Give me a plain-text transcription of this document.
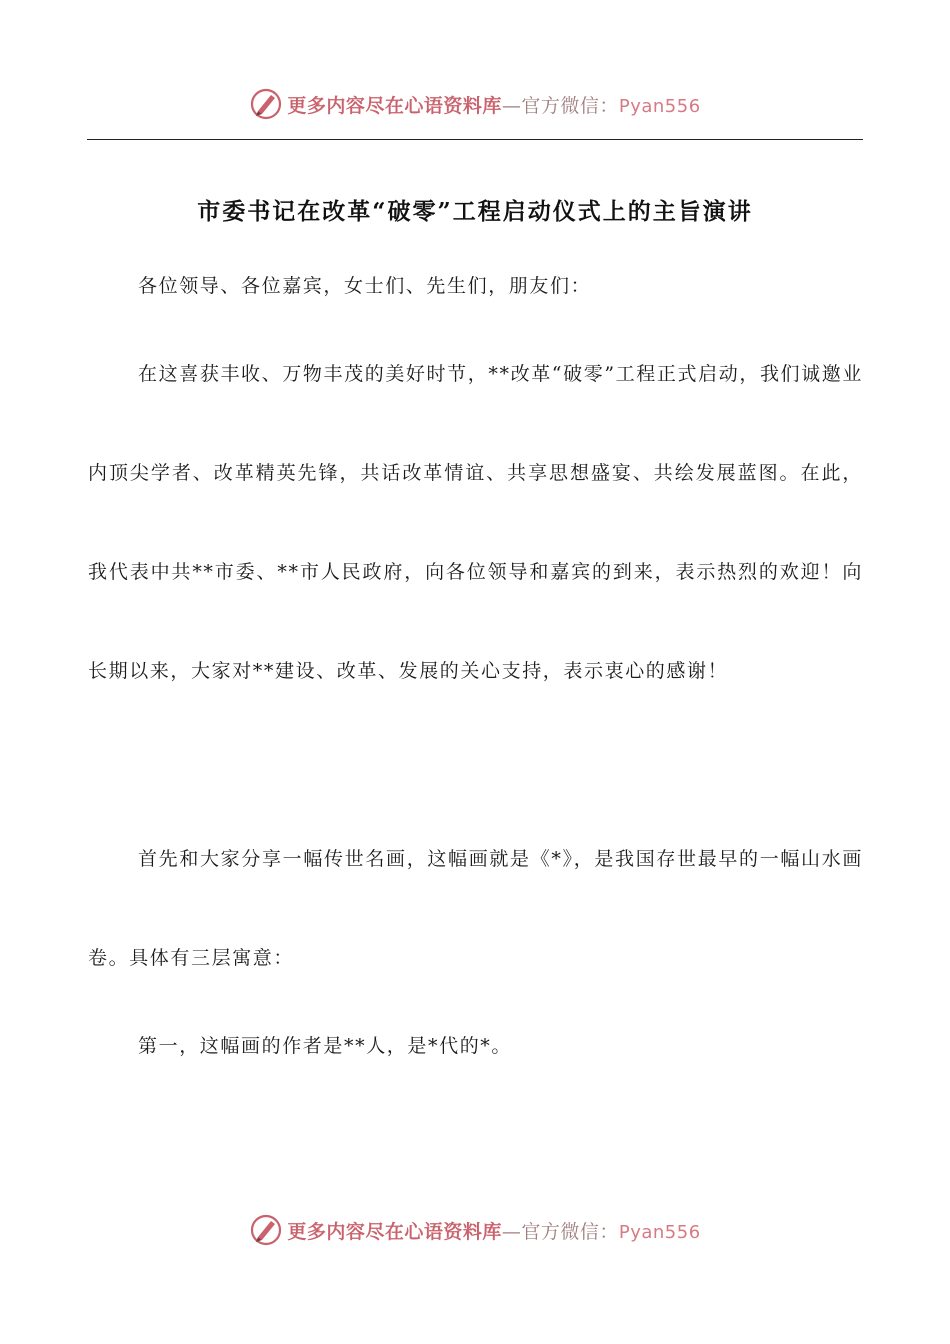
更多内容尽在心语资料库—官方微信：Pyan556
市委书记在改革“破零”工程启动仪式上的主旨演讲

各位领导、各位嘉宾，女士们、先生们，朋友们：

在这喜获丰收、万物丰茂的美好时节，**改革“破零”工程正式启动，我们诚邀业内顶尖学者、改革精英先锋，共话改革情谊、共享思想盛宴、共绘发展蓝图。在此，我代表中共**市委、**市人民政府，向各位领导和嘉宾的到来，表示热烈的欢迎！向长期以来，大家对**建设、改革、发展的关心支持，表示衷心的感谢！

首先和大家分享一幅传世名画，这幅画就是《*》，是我国存世最早的一幅山水画卷。具体有三层寓意：

第一，这幅画的作者是**人，是*代的*。

更多内容尽在心语资料库—官方微信：Pyan556
